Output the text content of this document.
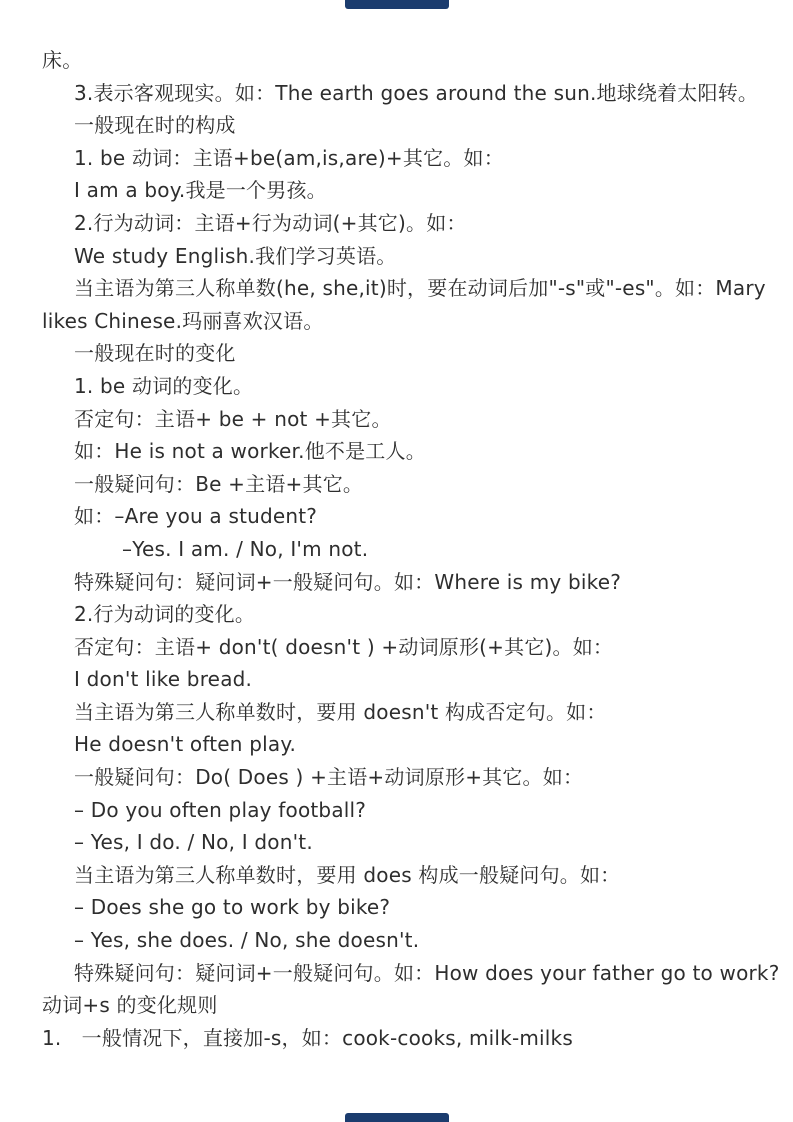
床。

3.表示客观现实。如：The earth goes around the sun.地球绕着太阳转。

一般现在时的构成

1. be 动词：主语+be(am,is,are)+其它。如：

I am a boy.我是一个男孩。

2.行为动词：主语+行为动词(+其它)。如：

We study English.我们学习英语。

当主语为第三人称单数(he, she,it)时，要在动词后加"-s"或"-es"。如：Mary

likes Chinese.玛丽喜欢汉语。

一般现在时的变化

1. be 动词的变化。

否定句：主语+ be + not +其它。

如：He is not a worker.他不是工人。

一般疑问句：Be +主语+其它。

如：–Are you a student?

–Yes. I am. / No, I'm not.

特殊疑问句：疑问词+一般疑问句。如：Where is my bike?

2.行为动词的变化。

否定句：主语+ don't( doesn't ) +动词原形(+其它)。如：

I don't like bread.

当主语为第三人称单数时，要用 doesn't 构成否定句。如：

He doesn't often play.

一般疑问句：Do( Does ) +主语+动词原形+其它。如：

– Do you often play football?

– Yes, I do. / No, I don't.

当主语为第三人称单数时，要用 does 构成一般疑问句。如：

– Does she go to work by bike?

– Yes, she does. / No, she doesn't.

特殊疑问句：疑问词+一般疑问句。如：How does your father go to work?

动词+s 的变化规则

1.　一般情况下，直接加-s，如：cook-cooks, milk-milks
